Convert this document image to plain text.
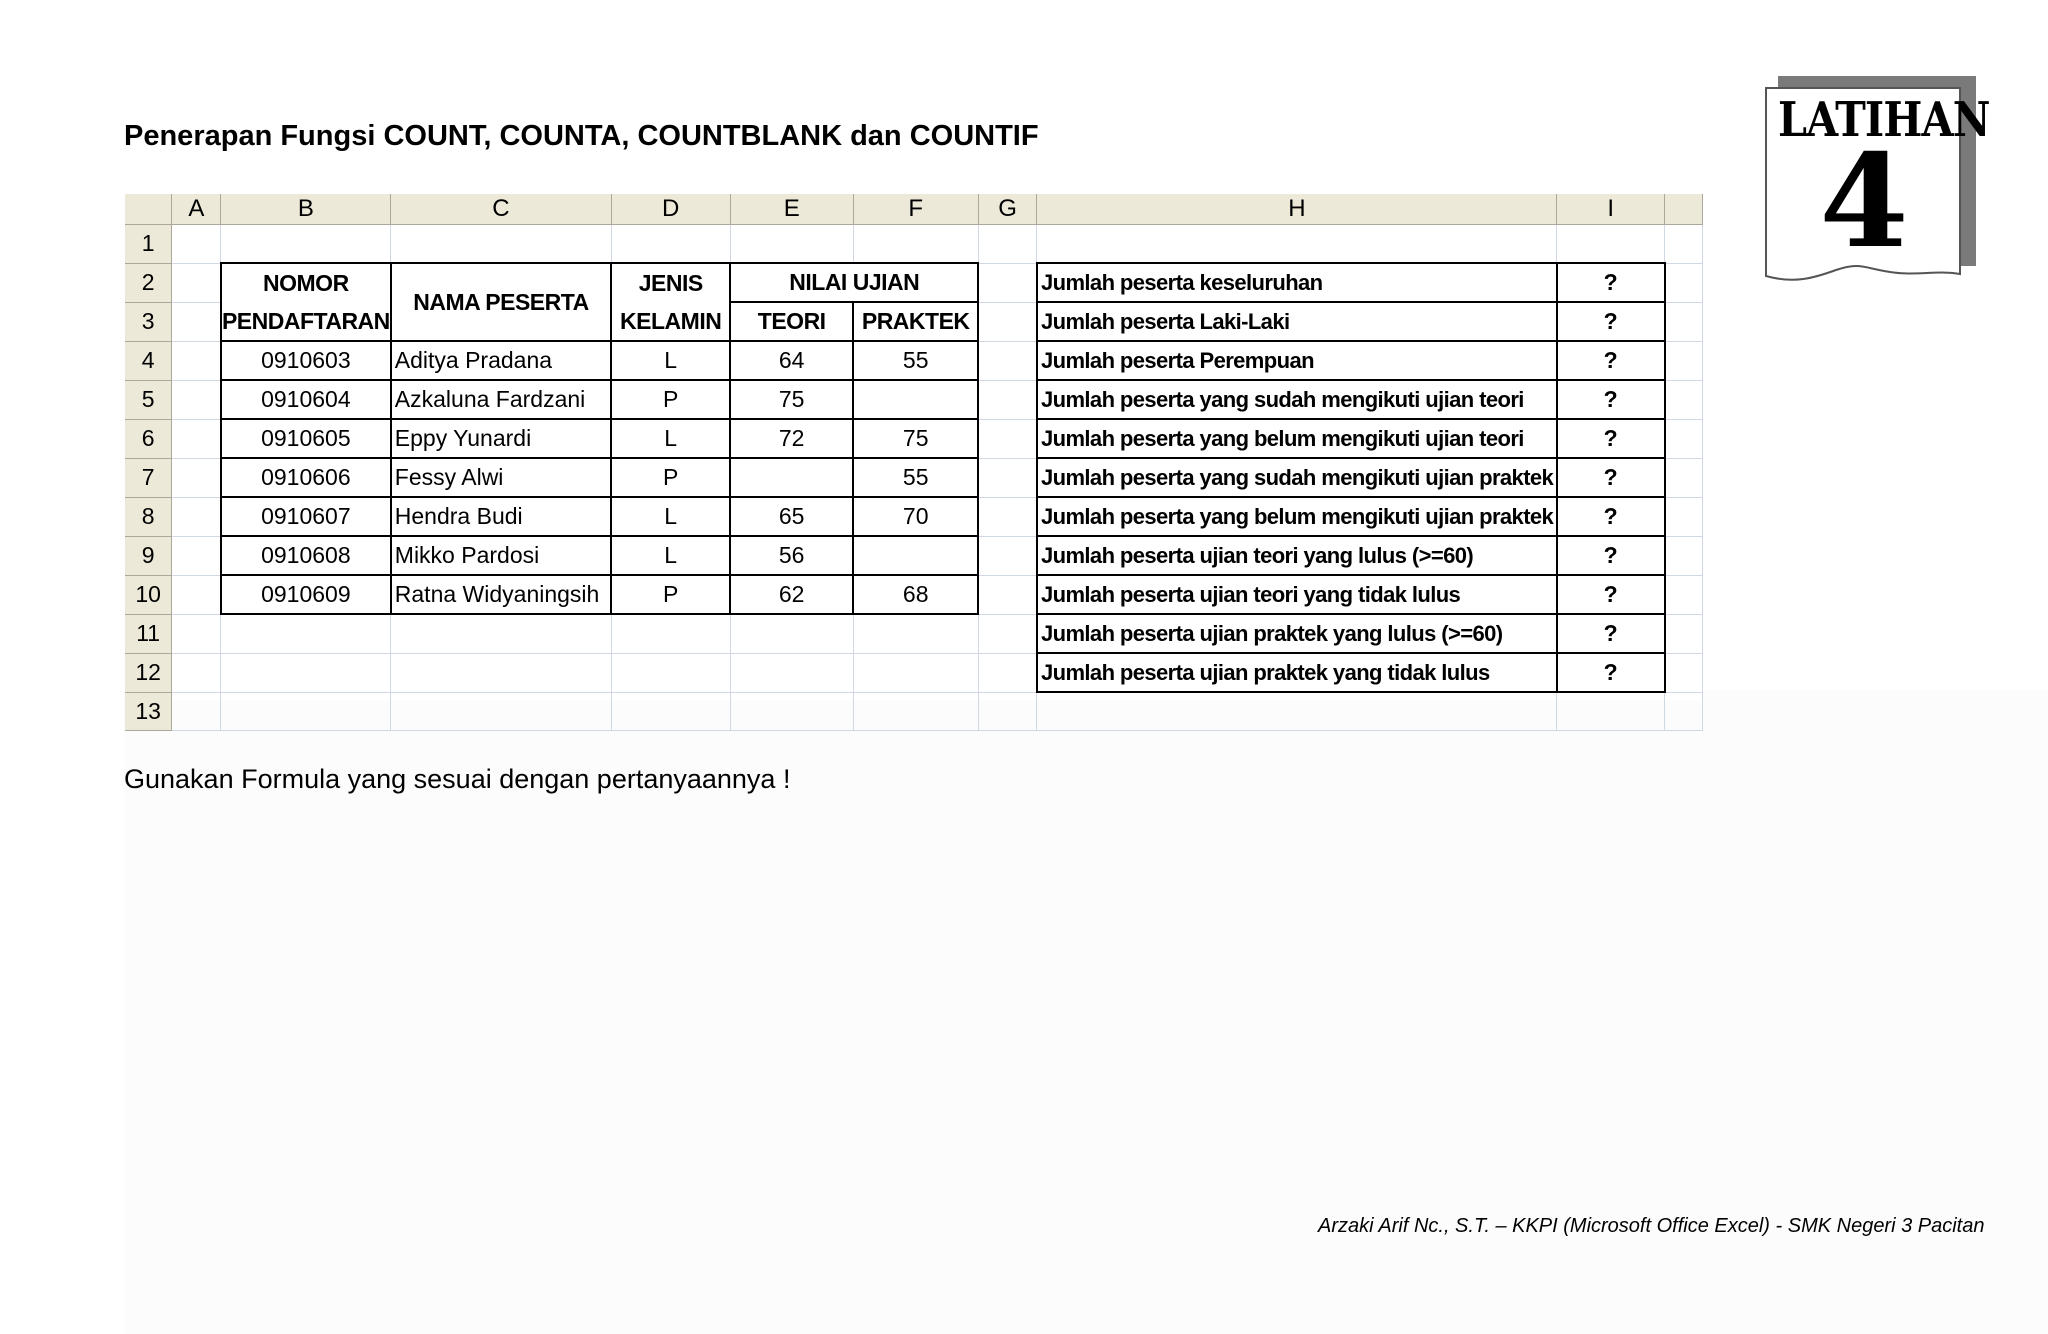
Penerapan Fungsi COUNT, COUNTA, COUNTBLANK dan COUNTIF	LATIHAN
4
	A	B	C	D	E	F	G	H	I	
1										
2		NOMOR	NAMA PESERTA	JENIS	NILAI UJIAN			Jumlah peserta keseluruhan	?	
3		PENDAFTARAN		KELAMIN	TEORI	PRAKTEK		Jumlah peserta Laki-Laki	?	
4		0910603	Aditya Pradana	L	64	55		Jumlah peserta Perempuan	?	
5		0910604	Azkaluna Fardzani	P	75			Jumlah peserta yang sudah mengikuti ujian teori	?	
6		0910605	Eppy Yunardi	L	72	75		Jumlah peserta yang belum mengikuti ujian teori	?	
7		0910606	Fessy Alwi	P		55		Jumlah peserta yang sudah mengikuti ujian praktek	?	
8		0910607	Hendra Budi	L	65	70		Jumlah peserta yang belum mengikuti ujian praktek	?	
9		0910608	Mikko Pardosi	L	56			Jumlah peserta ujian teori yang lulus (>=60)	?	
10		0910609	Ratna Widyaningsih	P	62	68		Jumlah peserta ujian teori yang tidak lulus	?	
11								Jumlah peserta ujian praktek yang lulus (>=60)	?	
12								Jumlah peserta ujian praktek yang tidak lulus	?	
13										
Gunakan Formula yang sesuai dengan pertanyaannya !
Arzaki Arif Nc., S.T. – KKPI (Microsoft Office Excel) - SMK Negeri 3 Pacitan
